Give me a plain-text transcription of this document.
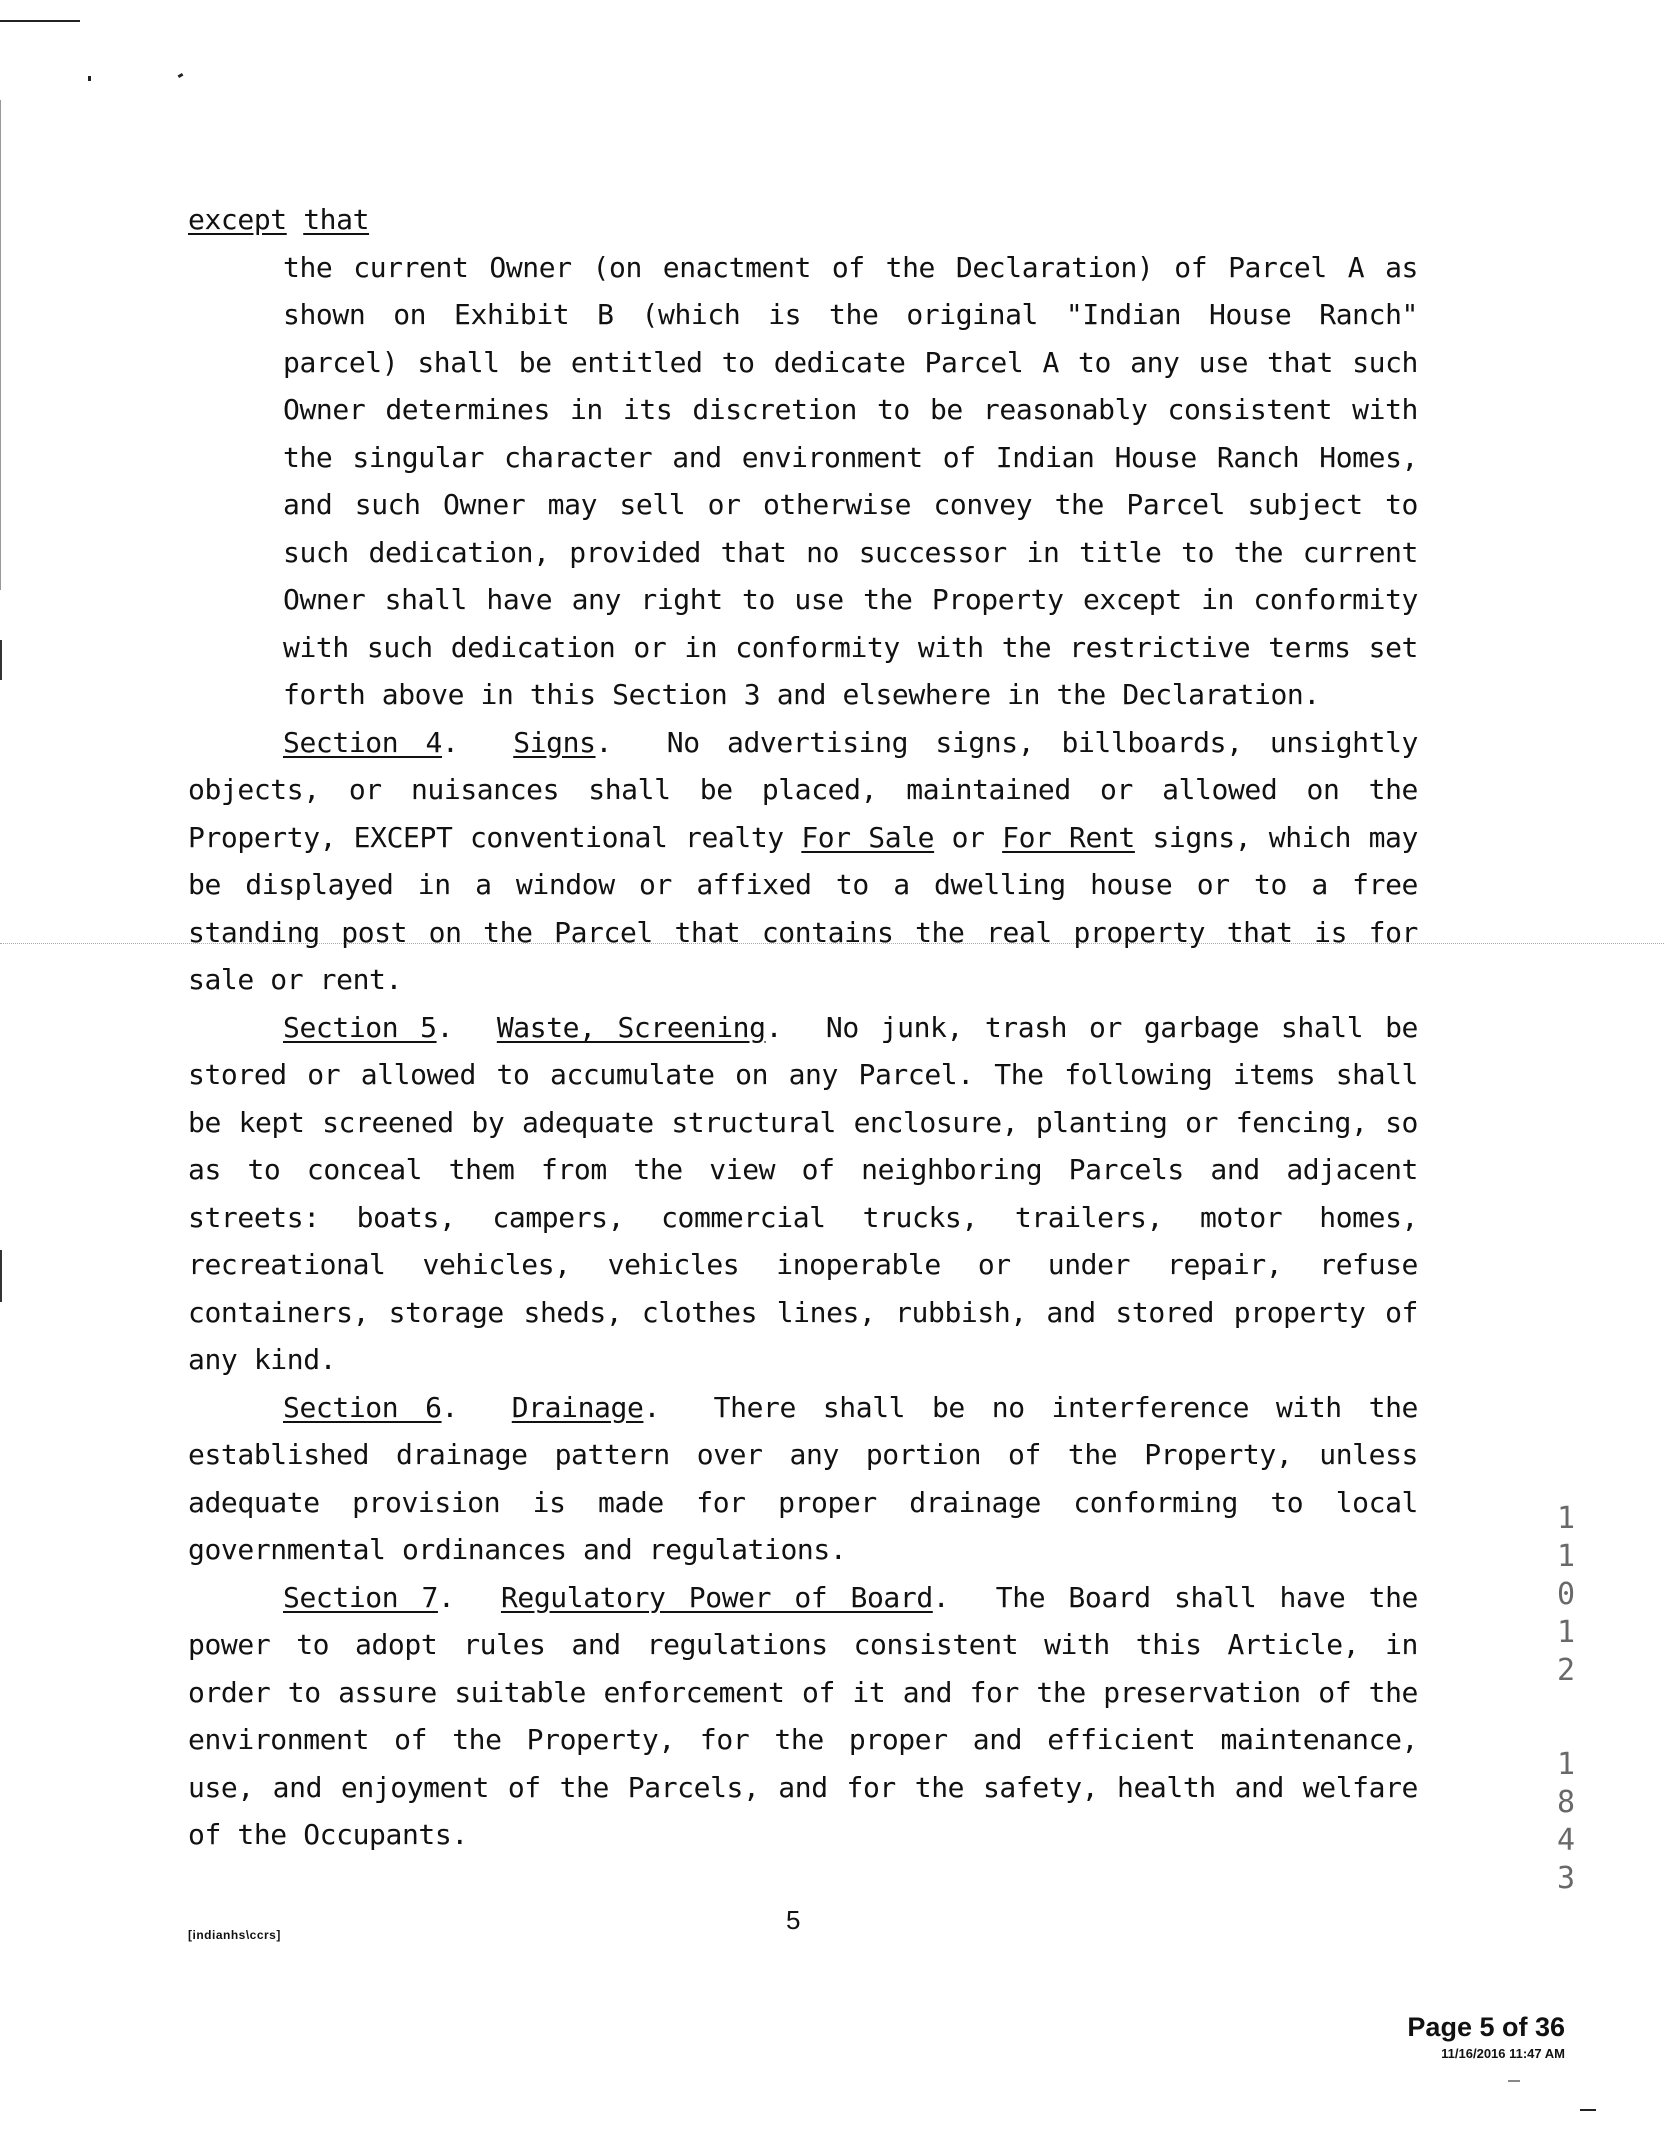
except that

the current Owner (on enactment of the Declaration) of Parcel A as shown on Exhibit B (which is the original "Indian House Ranch" parcel) shall be entitled to dedicate Parcel A to any use that such Owner determines in its discretion to be reasonably consistent with the singular character and environment of Indian House Ranch Homes, and such Owner may sell or otherwise convey the Parcel subject to such dedication, provided that no successor in title to the current Owner shall have any right to use the Property except in conformity with such dedication or in conformity with the restrictive terms set forth above in this Section 3 and elsewhere in the Declaration.

Section 4. Signs. No advertising signs, billboards, unsightly objects, or nuisances shall be placed, maintained or allowed on the Property, EXCEPT conventional realty For Sale or For Rent signs, which may be displayed in a window or affixed to a dwelling house or to a free standing post on the Parcel that contains the real property that is for sale or rent.

Section 5. Waste, Screening. No junk, trash or garbage shall be stored or allowed to accumulate on any Parcel. The following items shall be kept screened by adequate structural enclosure, planting or fencing, so as to conceal them from the view of neighboring Parcels and adjacent streets: boats, campers, commercial trucks, trailers, motor homes, recreational vehicles, vehicles inoperable or under repair, refuse containers, storage sheds, clothes lines, rubbish, and stored property of any kind.

Section 6. Drainage. There shall be no interference with the established drainage pattern over any portion of the Property, unless adequate provision is made for proper drainage conforming to local governmental ordinances and regulations.

Section 7. Regulatory Power of Board. The Board shall have the power to adopt rules and regulations consistent with this Article, in order to assure suitable enforcement of it and for the preservation of the environment of the Property, for the proper and efficient maintenance, use, and enjoyment of the Parcels, and for the safety, health and welfare of the Occupants.

1
1
0
1
2
1
8
4
3
[indianhs\ccrs]	5
Page 5 of 36
11/16/2016 11:47 AM
